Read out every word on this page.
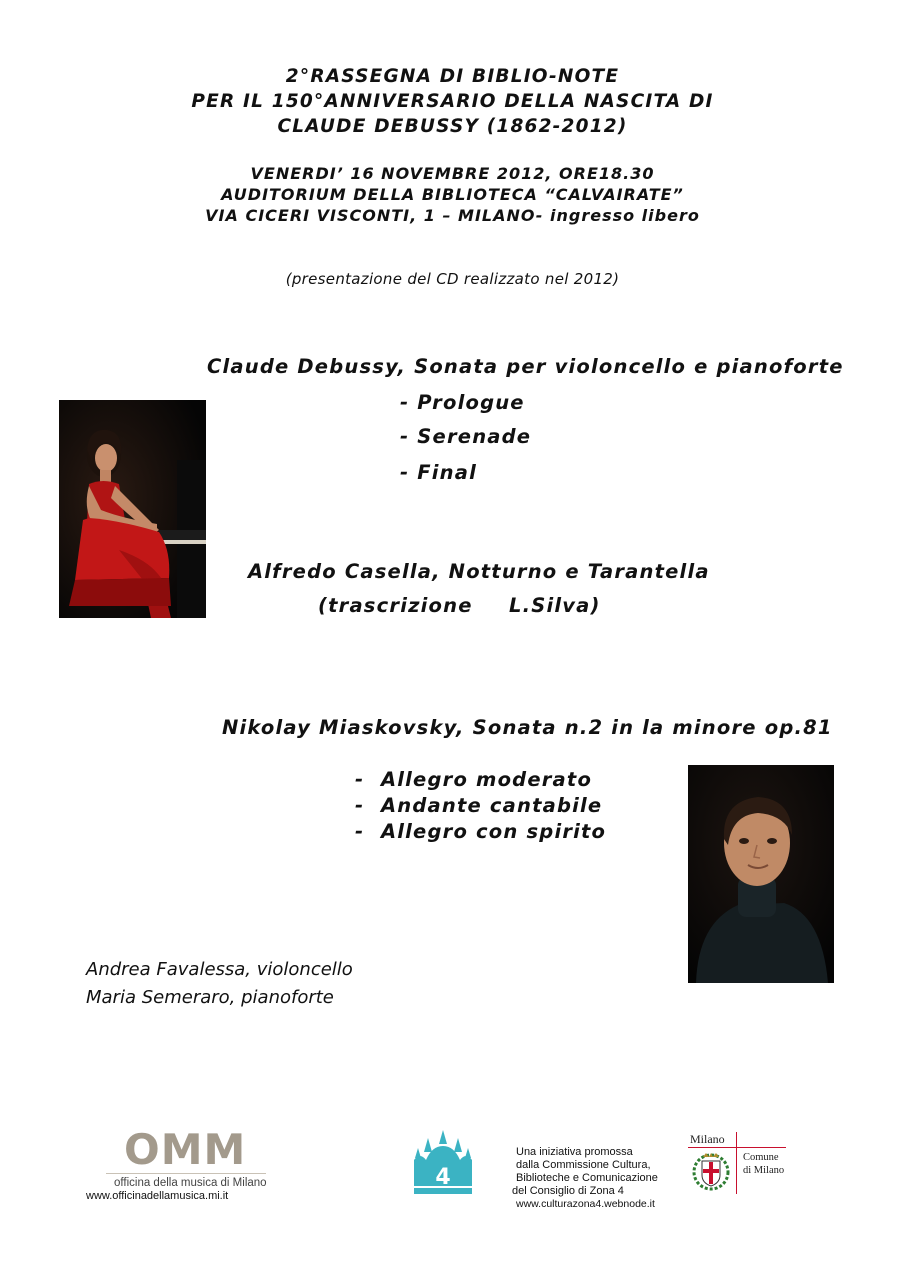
2°RASSEGNA DI BIBLIO-NOTE
PER IL 150°ANNIVERSARIO DELLA NASCITA DI
CLAUDE DEBUSSY (1862-2012)
VENERDI’ 16 NOVEMBRE 2012, ORE18.30
AUDITORIUM DELLA BIBLIOTECA “CALVAIRATE”
VIA CICERI VISCONTI, 1 – MILANO- ingresso libero
(presentazione del CD realizzato nel 2012)
Claude Debussy, Sonata per violoncello e pianoforte
- Prologue
- Serenade
- Final
Alfredo Casella, Notturno e Tarantella
(trascrizione L.Silva)
Nikolay Miaskovsky, Sonata n.2 in la minore op.81
- Allegro moderato
- Andante cantabile
- Allegro con spirito
Andrea Favalessa, violoncello
Maria Semeraro, pianoforte
OMM
officina della musica di Milano
www.officinadellamusica.mi.it
4
Una iniziativa promossa
dalla Commissione Cultura,
Biblioteche e Comunicazione
del Consiglio di Zona 4
www.culturazona4.webnode.it
Milano
Comune
di Milano
